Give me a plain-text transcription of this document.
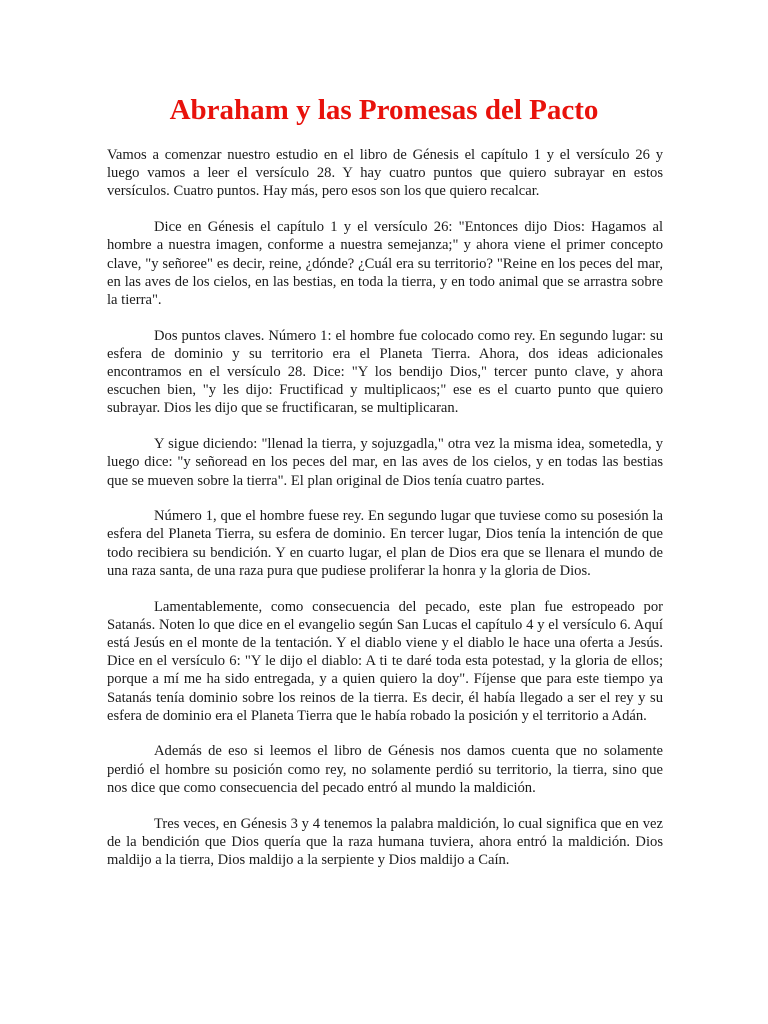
Abraham y las Promesas del Pacto

Vamos a comenzar nuestro estudio en el libro de Génesis el capítulo 1 y el versículo 26 y luego vamos a leer el versículo 28. Y hay cuatro puntos que quiero subrayar en estos versículos. Cuatro puntos. Hay más, pero esos son los que quiero recalcar.

Dice en Génesis el capítulo 1 y el versículo 26: "Entonces dijo Dios: Hagamos al hombre a nuestra imagen, conforme a nuestra semejanza;" y ahora viene el primer concepto clave, "y señoree" es decir, reine, ¿dónde? ¿Cuál era su territorio? "Reine en los peces del mar, en las aves de los cielos, en las bestias, en toda la tierra, y en todo animal que se arrastra sobre la tierra".

Dos puntos claves. Número 1: el hombre fue colocado como rey. En segundo lugar: su esfera de dominio y su territorio era el Planeta Tierra. Ahora, dos ideas adicionales encontramos en el versículo 28. Dice: "Y los bendijo Dios," tercer punto clave, y ahora escuchen bien, "y les dijo: Fructificad y multiplicaos;" ese es el cuarto punto que quiero subrayar. Dios les dijo que se fructificaran, se multiplicaran.

Y sigue diciendo: "llenad la tierra, y sojuzgadla," otra vez la misma idea, sometedla, y luego dice: "y señoread en los peces del mar, en las aves de los cielos, y en todas las bestias que se mueven sobre la tierra". El plan original de Dios tenía cuatro partes.

Número 1, que el hombre fuese rey. En segundo lugar que tuviese como su posesión la esfera del Planeta Tierra, su esfera de dominio. En tercer lugar, Dios tenía la intención de que todo recibiera su bendición. Y en cuarto lugar, el plan de Dios era que se llenara el mundo de una raza santa, de una raza pura que pudiese proliferar la honra y la gloria de Dios.

Lamentablemente, como consecuencia del pecado, este plan fue estropeado por Satanás. Noten lo que dice en el evangelio según San Lucas el capítulo 4 y el versículo 6. Aquí está Jesús en el monte de la tentación. Y el diablo viene y el diablo le hace una oferta a Jesús. Dice en el versículo 6: "Y le dijo el diablo: A ti te daré toda esta potestad, y la gloria de ellos; porque a mí me ha sido entregada, y a quien quiero la doy". Fíjense que para este tiempo ya Satanás tenía dominio sobre los reinos de la tierra. Es decir, él había llegado a ser el rey y su esfera de dominio era el Planeta Tierra que le había robado la posición y el territorio a Adán.

Además de eso si leemos el libro de Génesis nos damos cuenta que no solamente perdió el hombre su posición como rey, no solamente perdió su territorio, la tierra, sino que nos dice que como consecuencia del pecado entró al mundo la maldición.

Tres veces, en Génesis 3 y 4 tenemos la palabra maldición, lo cual significa que en vez de la bendición que Dios quería que la raza humana tuviera, ahora entró la maldición. Dios maldijo a la tierra, Dios maldijo a la serpiente y Dios maldijo a Caín.
